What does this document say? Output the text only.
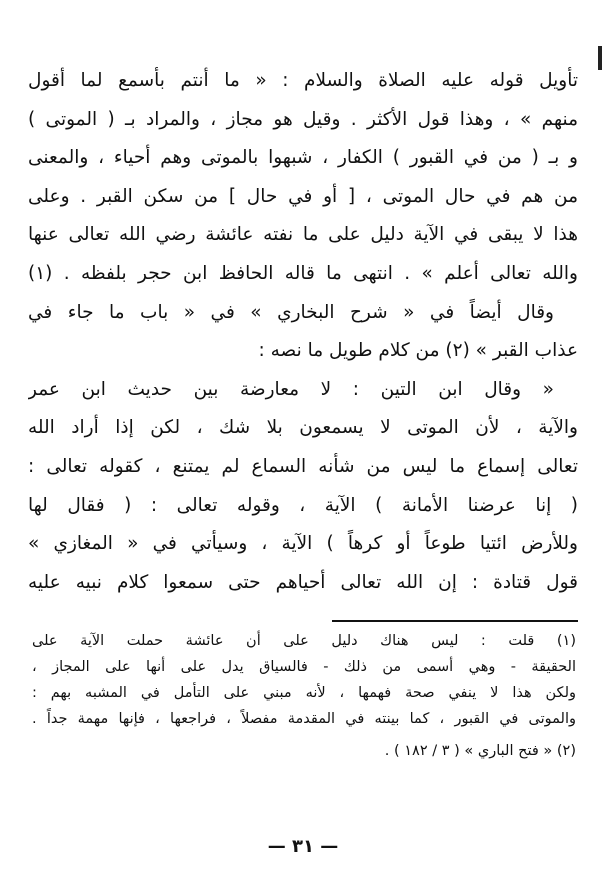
تأويل قوله عليه الصلاة والسلام : « ما أنتم بأسمع لما أقول
منهم » ، وهذا قول الأكثر . وقيل هو مجاز ، والمراد بـ ( الموتى )
و بـ ( من في القبور ) الكفار ، شبهوا بالموتى وهم أحياء ، والمعنى
من هم في حال الموتى ، [ أو في حال ] من سكن القبر . وعلى
هذا لا يبقى في الآية دليل على ما نفته عائشة رضي الله تعالى عنها
والله تعالى أعلم » . انتهى ما قاله الحافظ ابن حجر بلفظه . (١)
وقال أيضاً في « شرح البخاري » في « باب ما جاء في
عذاب القبر » (٢) من كلام طويل ما نصه :
« وقال ابن التين : لا معارضة بين حديث ابن عمر
والآية ، لأن الموتى لا يسمعون بلا شك ، لكن إذا أراد الله
تعالى إسماع ما ليس من شأنه السماع لم يمتنع ، كقوله تعالى :
( إنا عرضنا الأمانة ) الآية ، وقوله تعالى : ( فقال لها
وللأرض ائتيا طوعاً أو كرهاً ) الآية ، وسيأتي في « المغازي »
قول قتادة : إن الله تعالى أحياهم حتى سمعوا كلام نبيه عليه
(١) قلت : ليس هناك دليل على أن عائشة حملت الآية على
الحقيقة - وهي أسمى من ذلك - فالسياق يدل على أنها على المجاز ،
ولكن هذا لا ينفي صحة فهمها ، لأنه مبني على التأمل في المشبه بهم :
والموتى في القبور ، كما بينته في المقدمة مفصلاً ، فراجعها ، فإنها مهمة جداً .
(٢) « فتح الباري » ( ٣ / ١٨٢ ) .
— ٣١ —
